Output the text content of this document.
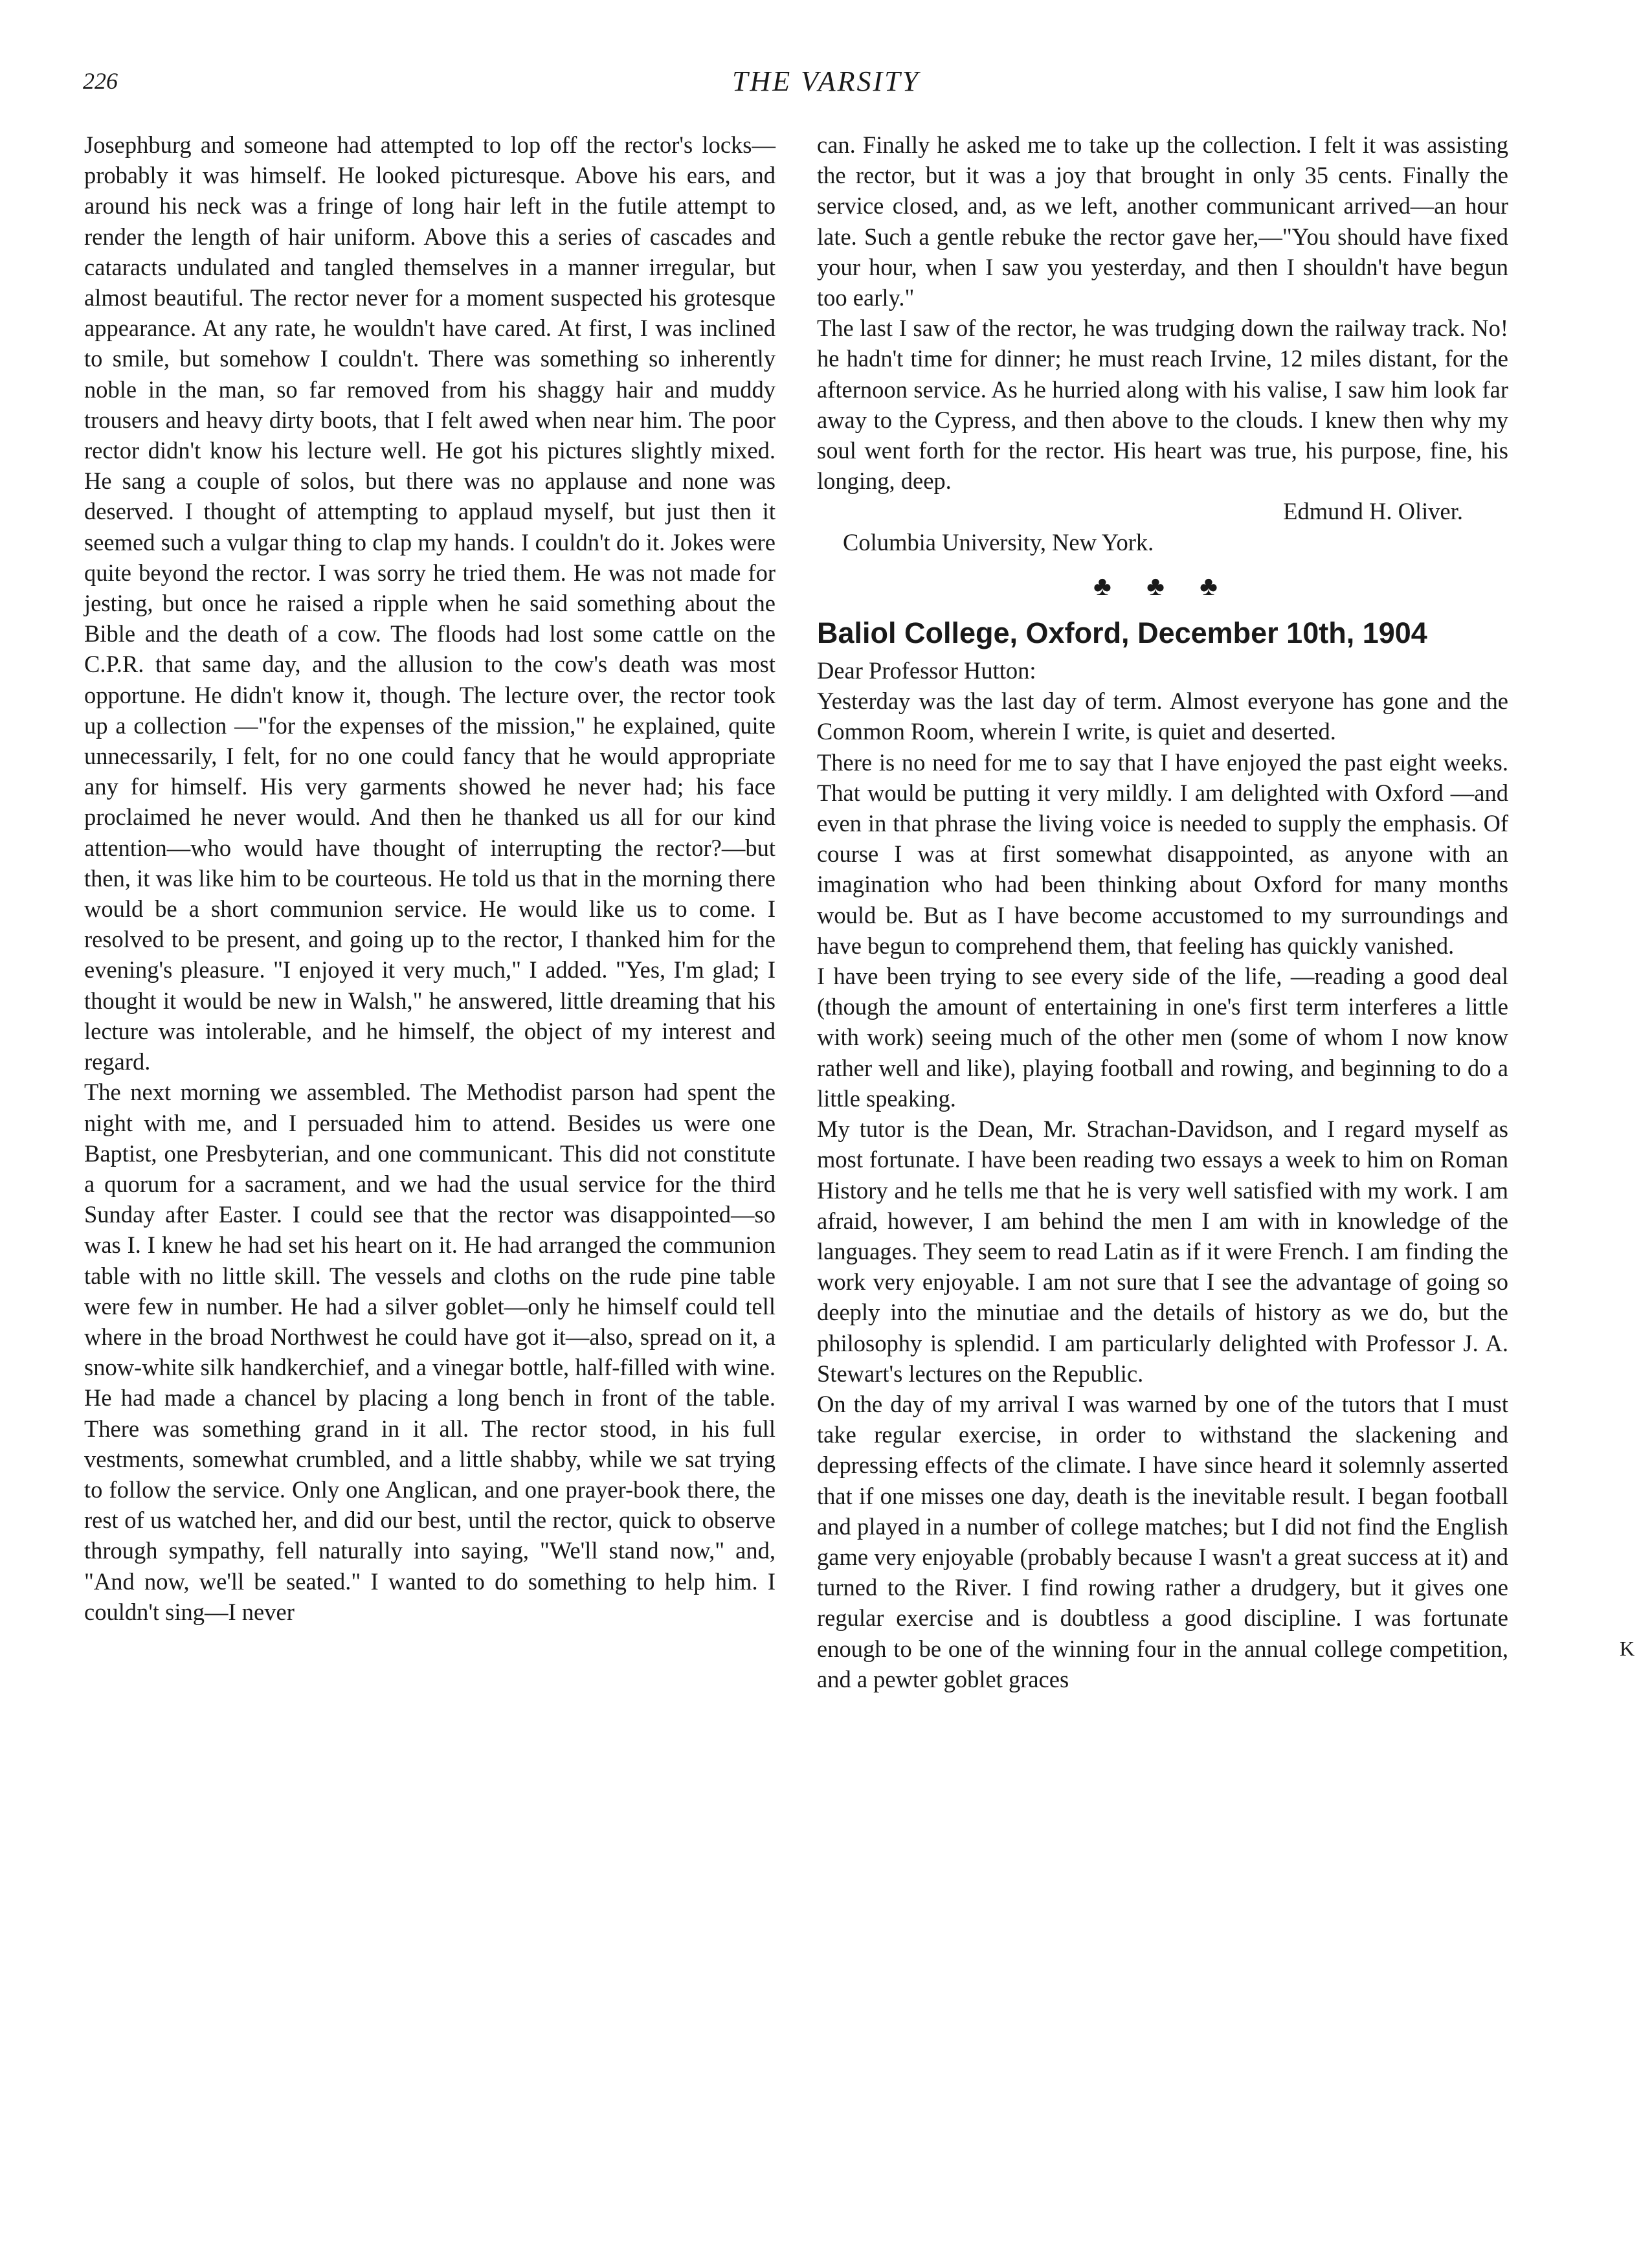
226	THE VARSITY

Josephburg and someone had attempted to lop off the rector's locks—probably it was himself. He looked picturesque. Above his ears, and around his neck was a fringe of long hair left in the futile attempt to render the length of hair uniform. Above this a series of cascades and cataracts undulated and tangled themselves in a manner irregular, but almost beautiful. The rector never for a moment suspected his grotesque appearance. At any rate, he wouldn't have cared. At first, I was inclined to smile, but somehow I couldn't. There was something so inherently noble in the man, so far removed from his shaggy hair and muddy trousers and heavy dirty boots, that I felt awed when near him. The poor rector didn't know his lecture well. He got his pictures slightly mixed. He sang a couple of solos, but there was no applause and none was deserved. I thought of attempting to applaud myself, but just then it seemed such a vulgar thing to clap my hands. I couldn't do it. Jokes were quite beyond the rector. I was sorry he tried them. He was not made for jesting, but once he raised a ripple when he said something about the Bible and the death of a cow. The floods had lost some cattle on the C.P.R. that same day, and the allusion to the cow's death was most opportune. He didn't know it, though. The lecture over, the rector took up a collection —"for the expenses of the mission," he explained, quite unnecessarily, I felt, for no one could fancy that he would appropriate any for himself. His very garments showed he never had; his face proclaimed he never would. And then he thanked us all for our kind attention—who would have thought of interrupting the rector?—but then, it was like him to be courteous. He told us that in the morning there would be a short communion service. He would like us to come. I resolved to be present, and going up to the rector, I thanked him for the evening's pleasure. "I enjoyed it very much," I added. "Yes, I'm glad; I thought it would be new in Walsh," he answered, little dreaming that his lecture was intolerable, and he himself, the object of my interest and regard.

The next morning we assembled. The Methodist parson had spent the night with me, and I persuaded him to attend. Besides us were one Baptist, one Presbyterian, and one communicant. This did not constitute a quorum for a sacrament, and we had the usual service for the third Sunday after Easter. I could see that the rector was disappointed—so was I. I knew he had set his heart on it. He had arranged the communion table with no little skill. The vessels and cloths on the rude pine table were few in number. He had a silver goblet—only he himself could tell where in the broad Northwest he could have got it—also, spread on it, a snow-white silk handkerchief, and a vinegar bottle, half-filled with wine. He had made a chancel by placing a long bench in front of the table. There was something grand in it all. The rector stood, in his full vestments, somewhat crumbled, and a little shabby, while we sat trying to follow the service. Only one Anglican, and one prayer-book there, the rest of us watched her, and did our best, until the rector, quick to observe through sympathy, fell naturally into saying, "We'll stand now," and, "And now, we'll be seated." I wanted to do something to help him. I couldn't sing—I never

can. Finally he asked me to take up the collection. I felt it was assisting the rector, but it was a joy that brought in only 35 cents. Finally the service closed, and, as we left, another communicant arrived—an hour late. Such a gentle rebuke the rector gave her,—"You should have fixed your hour, when I saw you yesterday, and then I shouldn't have begun too early."

The last I saw of the rector, he was trudging down the railway track. No! he hadn't time for dinner; he must reach Irvine, 12 miles distant, for the afternoon service. As he hurried along with his valise, I saw him look far away to the Cypress, and then above to the clouds. I knew then why my soul went forth for the rector. His heart was true, his purpose, fine, his longing, deep.

Edmund H. Oliver.

Columbia University, New York.

♣ ♣ ♣
Baliol College, Oxford, December 10th, 1904

Dear Professor Hutton:

Yesterday was the last day of term. Almost everyone has gone and the Common Room, wherein I write, is quiet and deserted.

There is no need for me to say that I have enjoyed the past eight weeks. That would be putting it very mildly. I am delighted with Oxford —and even in that phrase the living voice is needed to supply the emphasis. Of course I was at first somewhat disappointed, as anyone with an imagination who had been thinking about Oxford for many months would be. But as I have become accustomed to my surroundings and have begun to comprehend them, that feeling has quickly vanished.

I have been trying to see every side of the life, —reading a good deal (though the amount of entertaining in one's first term interferes a little with work) seeing much of the other men (some of whom I now know rather well and like), playing football and rowing, and beginning to do a little speaking.

My tutor is the Dean, Mr. Strachan-Davidson, and I regard myself as most fortunate. I have been reading two essays a week to him on Roman History and he tells me that he is very well satisfied with my work. I am afraid, however, I am behind the men I am with in knowledge of the languages. They seem to read Latin as if it were French. I am finding the work very enjoyable. I am not sure that I see the advantage of going so deeply into the minutiae and the details of history as we do, but the philosophy is splendid. I am particularly delighted with Professor J. A. Stewart's lectures on the Republic.

On the day of my arrival I was warned by one of the tutors that I must take regular exercise, in order to withstand the slackening and depressing effects of the climate. I have since heard it solemnly asserted that if one misses one day, death is the inevitable result. I began football and played in a number of college matches; but I did not find the English game very enjoyable (probably because I wasn't a great success at it) and turned to the River. I find rowing rather a drudgery, but it gives one regular exercise and is doubtless a good discipline. I was fortunate enough to be one of the winning four in the annual college competition, and a pewter goblet graces

K
